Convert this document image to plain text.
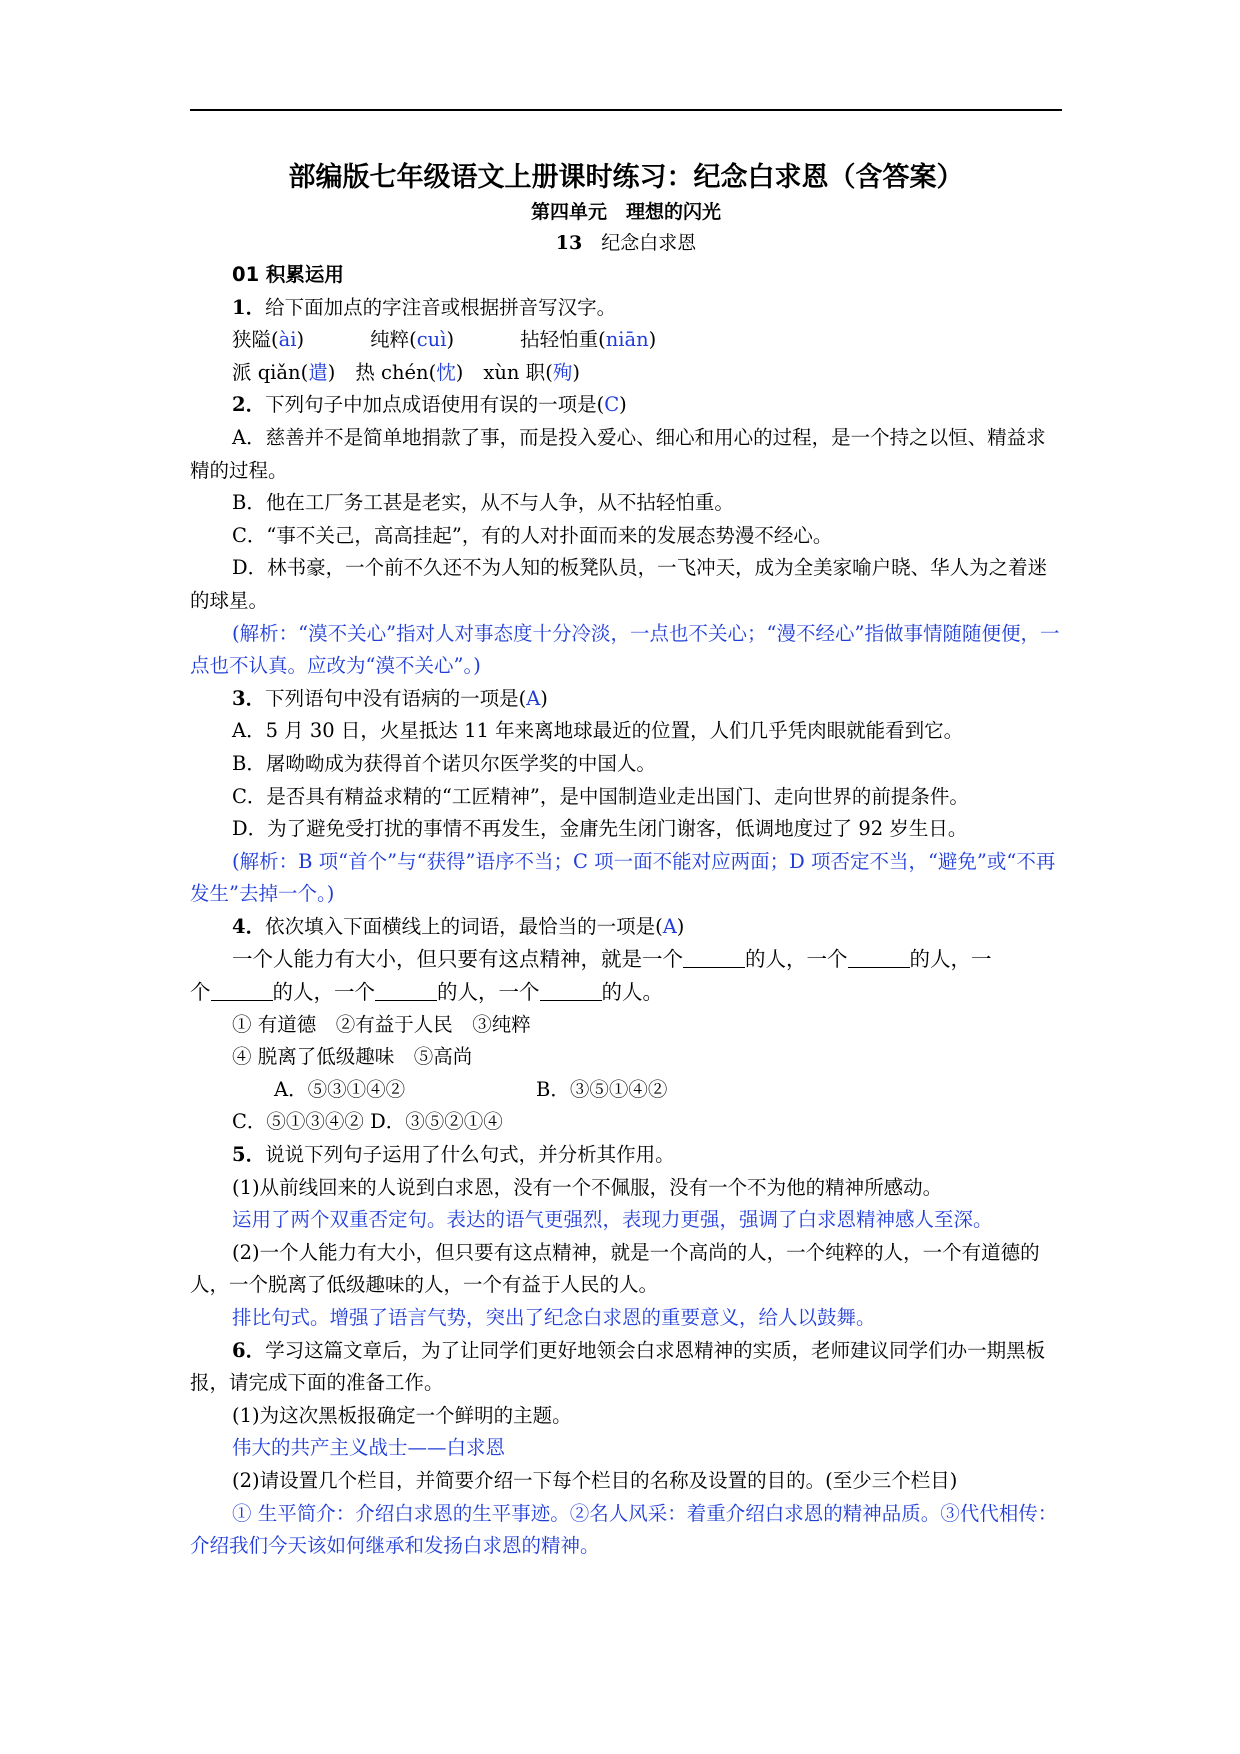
部编版七年级语文上册课时练习：纪念白求恩（含答案）
第四单元　理想的闪光
13　 纪念白求恩

01 积累运用

1．给下面加点的字注音或根据拼音写汉字。

狭隘(ài)	纯粹(cuì)	拈轻怕重(niān)

派 qiǎn(遣) 热 chén(忱) xùn 职(殉)

2．下列句子中加点成语使用有误的一项是(C)

A．慈善并不是简单地捐款了事，而是投入爱心、细心和用心的过程，是一个持之以恒、精益求精的过程。

B．他在工厂务工甚是老实，从不与人争，从不拈轻怕重。

C．“事不关己，高高挂起”，有的人对扑面而来的发展态势漫不经心。

D．林书豪，一个前不久还不为人知的板凳队员，一飞冲天，成为全美家喻户晓、华人为之着迷的球星。

(解析：“漠不关心”指对人对事态度十分冷淡，一点也不关心；“漫不经心”指做事情随随便便，一点也不认真。应改为“漠不关心”。)

3．下列语句中没有语病的一项是(A)

A．5 月 30 日，火星抵达 11 年来离地球最近的位置，人们几乎凭肉眼就能看到它。

B．屠呦呦成为获得首个诺贝尔医学奖的中国人。

C．是否具有精益求精的“工匠精神”，是中国制造业走出国门、走向世界的前提条件。

D．为了避免受打扰的事情不再发生，金庸先生闭门谢客，低调地度过了 92 岁生日。

(解析：B 项“首个”与“获得”语序不当；C 项一面不能对应两面；D 项否定不当，“避免”或“不再发生”去掉一个。)

4．依次填入下面横线上的词语，最恰当的一项是(A)

一个人能力有大小，但只要有这点精神，就是一个	的人，一个	的人，一

个	的人，一个	的人，一个	的人。

① 有道德　②有益于人民　③纯粹

④ 脱离了低级趣味　⑤高尚

A．⑤③①④②	B．③⑤①④②

C．⑤①③④② D．③⑤②①④

5．说说下列句子运用了什么句式，并分析其作用。

(1)从前线回来的人说到白求恩，没有一个不佩服，没有一个不为他的精神所感动。

运用了两个双重否定句。表达的语气更强烈，表现力更强，强调了白求恩精神感人至深。

(2)一个人能力有大小，但只要有这点精神，就是一个高尚的人，一个纯粹的人，一个有道德的人，一个脱离了低级趣味的人，一个有益于人民的人。

排比句式。增强了语言气势，突出了纪念白求恩的重要意义，给人以鼓舞。

6．学习这篇文章后，为了让同学们更好地领会白求恩精神的实质，老师建议同学们办一期黑板报，请完成下面的准备工作。

(1)为这次黑板报确定一个鲜明的主题。

伟大的共产主义战士——白求恩

(2)请设置几个栏目，并简要介绍一下每个栏目的名称及设置的目的。(至少三个栏目)

① 生平简介：介绍白求恩的生平事迹。②名人风采：着重介绍白求恩的精神品质。③代代相传：介绍我们今天该如何继承和发扬白求恩的精神。
